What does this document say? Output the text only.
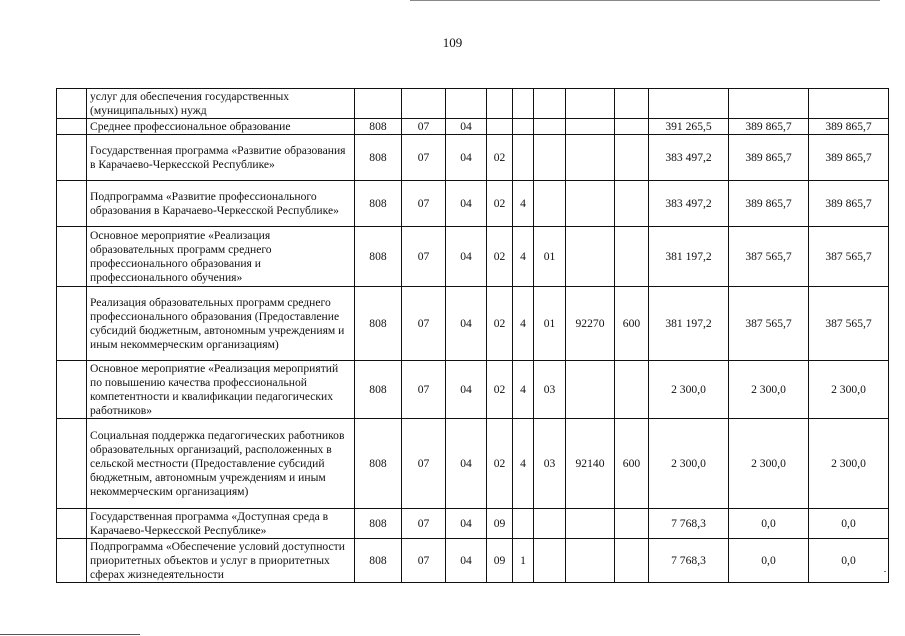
109
	услуг для обеспечения государственных (муниципальных) нужд											
	Среднее профессиональное образование	808	07	04						391 265,5	389 865,7	389 865,7
	Государственная программа «Развитие образования в Карачаево-Черкесской Республике»	808	07	04	02					383 497,2	389 865,7	389 865,7
	Подпрограмма «Развитие профессионального образования в Карачаево-Черкесской Республике»	808	07	04	02	4				383 497,2	389 865,7	389 865,7
	Основное мероприятие «Реализация образовательных программ среднего профессионального образования и профессионального обучения»	808	07	04	02	4	01			381 197,2	387 565,7	387 565,7
	Реализация образовательных программ среднего профессионального образования (Предоставление субсидий бюджетным, автономным учреждениям и иным некоммерческим организациям)	808	07	04	02	4	01	92270	600	381 197,2	387 565,7	387 565,7
	Основное мероприятие «Реализация мероприятий по повышению качества профессиональной компетентности и квалификации педагогических работников»	808	07	04	02	4	03			2 300,0	2 300,0	2 300,0
	Социальная поддержка педагогических работников образовательных организаций, расположенных в сельской местности (Предоставление субсидий бюджетным, автономным учреждениям и иным некоммерческим организациям)	808	07	04	02	4	03	92140	600	2 300,0	2 300,0	2 300,0
	Государственная программа «Доступная среда в Карачаево-Черкесской Республике»	808	07	04	09					7 768,3	0,0	0,0
	Подпрограмма «Обеспечение условий доступности приоритетных объектов и услуг в приоритетных сферах жизнедеятельности	808	07	04	09	1				7 768,3	0,0	0,0
